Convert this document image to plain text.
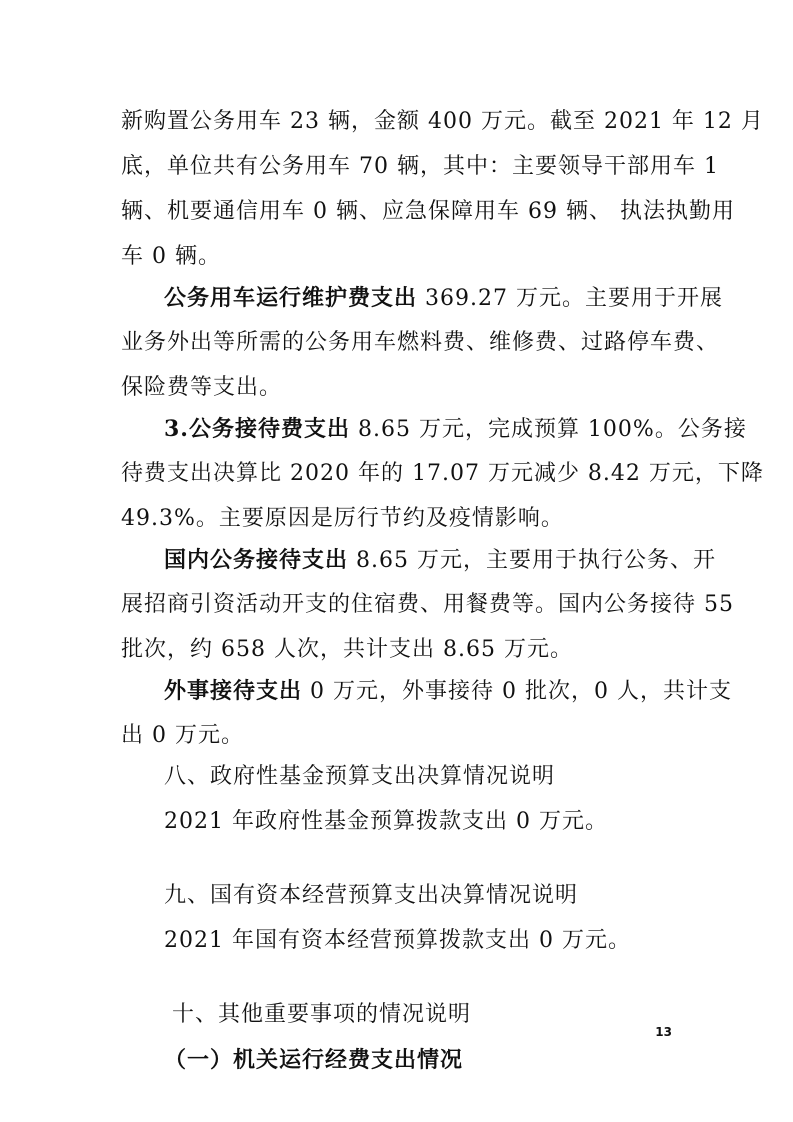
新购置公务用车 23 辆，金额 400 万元。截至 2021 年 12 月
底，单位共有公务用车 70 辆，其中：主要领导干部用车 1
辆、机要通信用车 0 辆、应急保障用车 69 辆、 执法执勤用
车 0 辆。
公务用车运行维护费支出 369.27 万元。主要用于开展
业务外出等所需的公务用车燃料费、维修费、过路停车费、
保险费等支出。
3.公务接待费支出 8.65 万元，完成预算 100%。公务接
待费支出决算比 2020 年的 17.07 万元减少 8.42 万元，下降
49.3%。主要原因是厉行节约及疫情影响。
国内公务接待支出 8.65 万元，主要用于执行公务、开
展招商引资活动开支的住宿费、用餐费等。国内公务接待 55
批次，约 658 人次，共计支出 8.65 万元。
外事接待支出 0 万元，外事接待 0 批次，0 人，共计支
出 0 万元。
八、政府性基金预算支出决算情况说明
2021 年政府性基金预算拨款支出 0 万元。
九、国有资本经营预算支出决算情况说明
2021 年国有资本经营预算拨款支出 0 万元。
十、其他重要事项的情况说明
（一）机关运行经费支出情况
13
